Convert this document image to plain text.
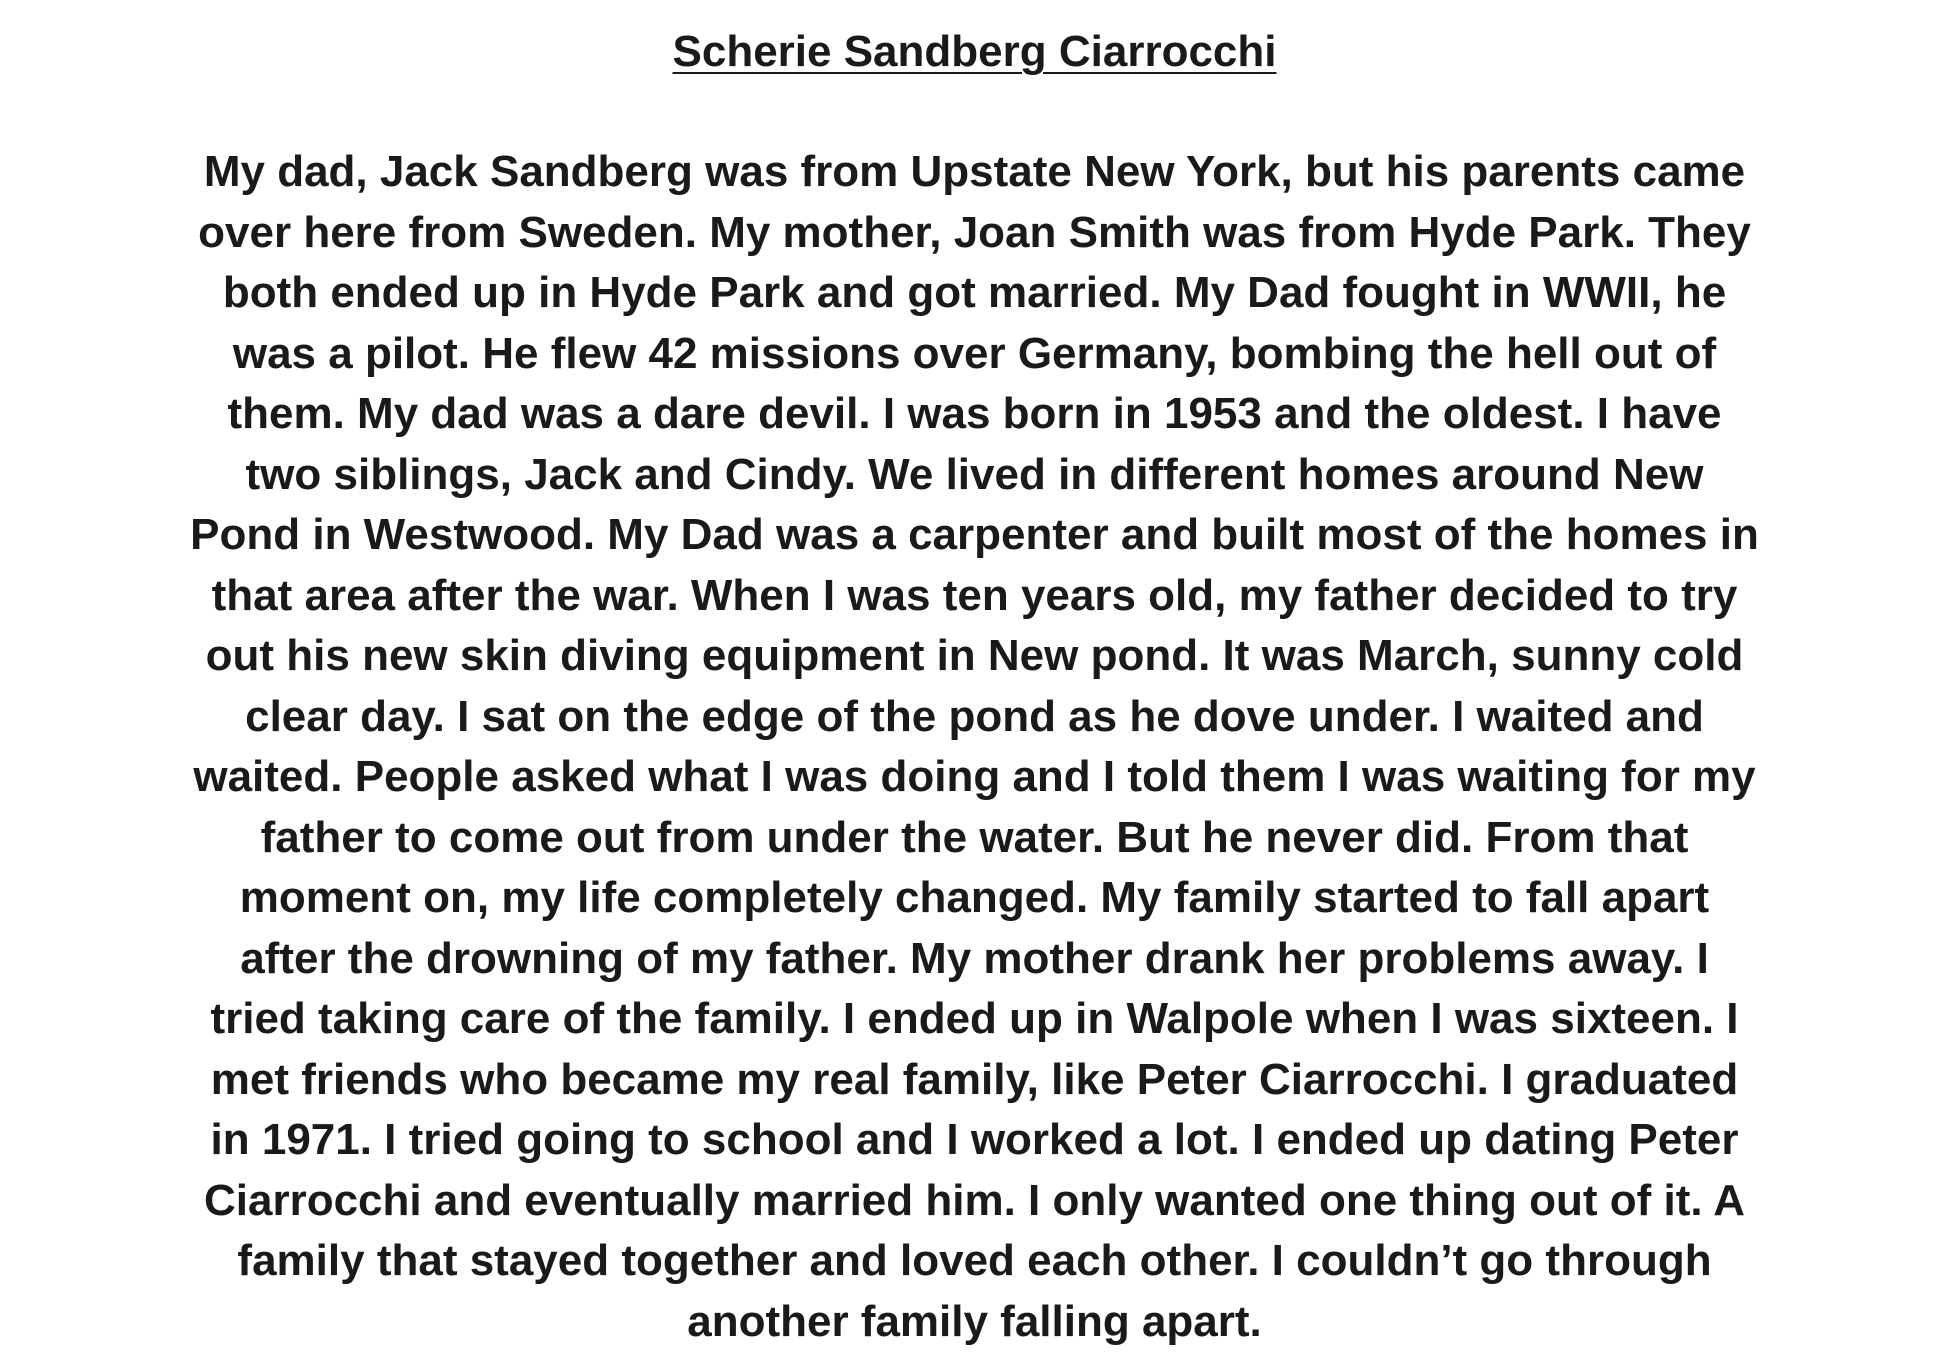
Scherie Sandberg Ciarrocchi
My dad, Jack Sandberg was from Upstate New York, but his parents came
over here from Sweden. My mother, Joan Smith was from Hyde Park. They
both ended up in Hyde Park and got married. My Dad fought in WWII, he
was a pilot. He flew 42 missions over Germany, bombing the hell out of
them. My dad was a dare devil. I was born in 1953 and the oldest. I have
two siblings, Jack and Cindy. We lived in different homes around New
Pond in Westwood. My Dad was a carpenter and built most of the homes in
that area after the war. When I was ten years old, my father decided to try
out his new skin diving equipment in New pond. It was March, sunny cold
clear day. I sat on the edge of the pond as he dove under. I waited and
waited. People asked what I was doing and I told them I was waiting for my
father to come out from under the water. But he never did. From that
moment on, my life completely changed. My family started to fall apart
after the drowning of my father. My mother drank her problems away. I
tried taking care of the family. I ended up in Walpole when I was sixteen. I
met friends who became my real family, like Peter Ciarrocchi. I graduated
in 1971. I tried going to school and I worked a lot. I ended up dating Peter
Ciarrocchi and eventually married him. I only wanted one thing out of it. A
family that stayed together and loved each other. I couldn’t go through
another family falling apart.
